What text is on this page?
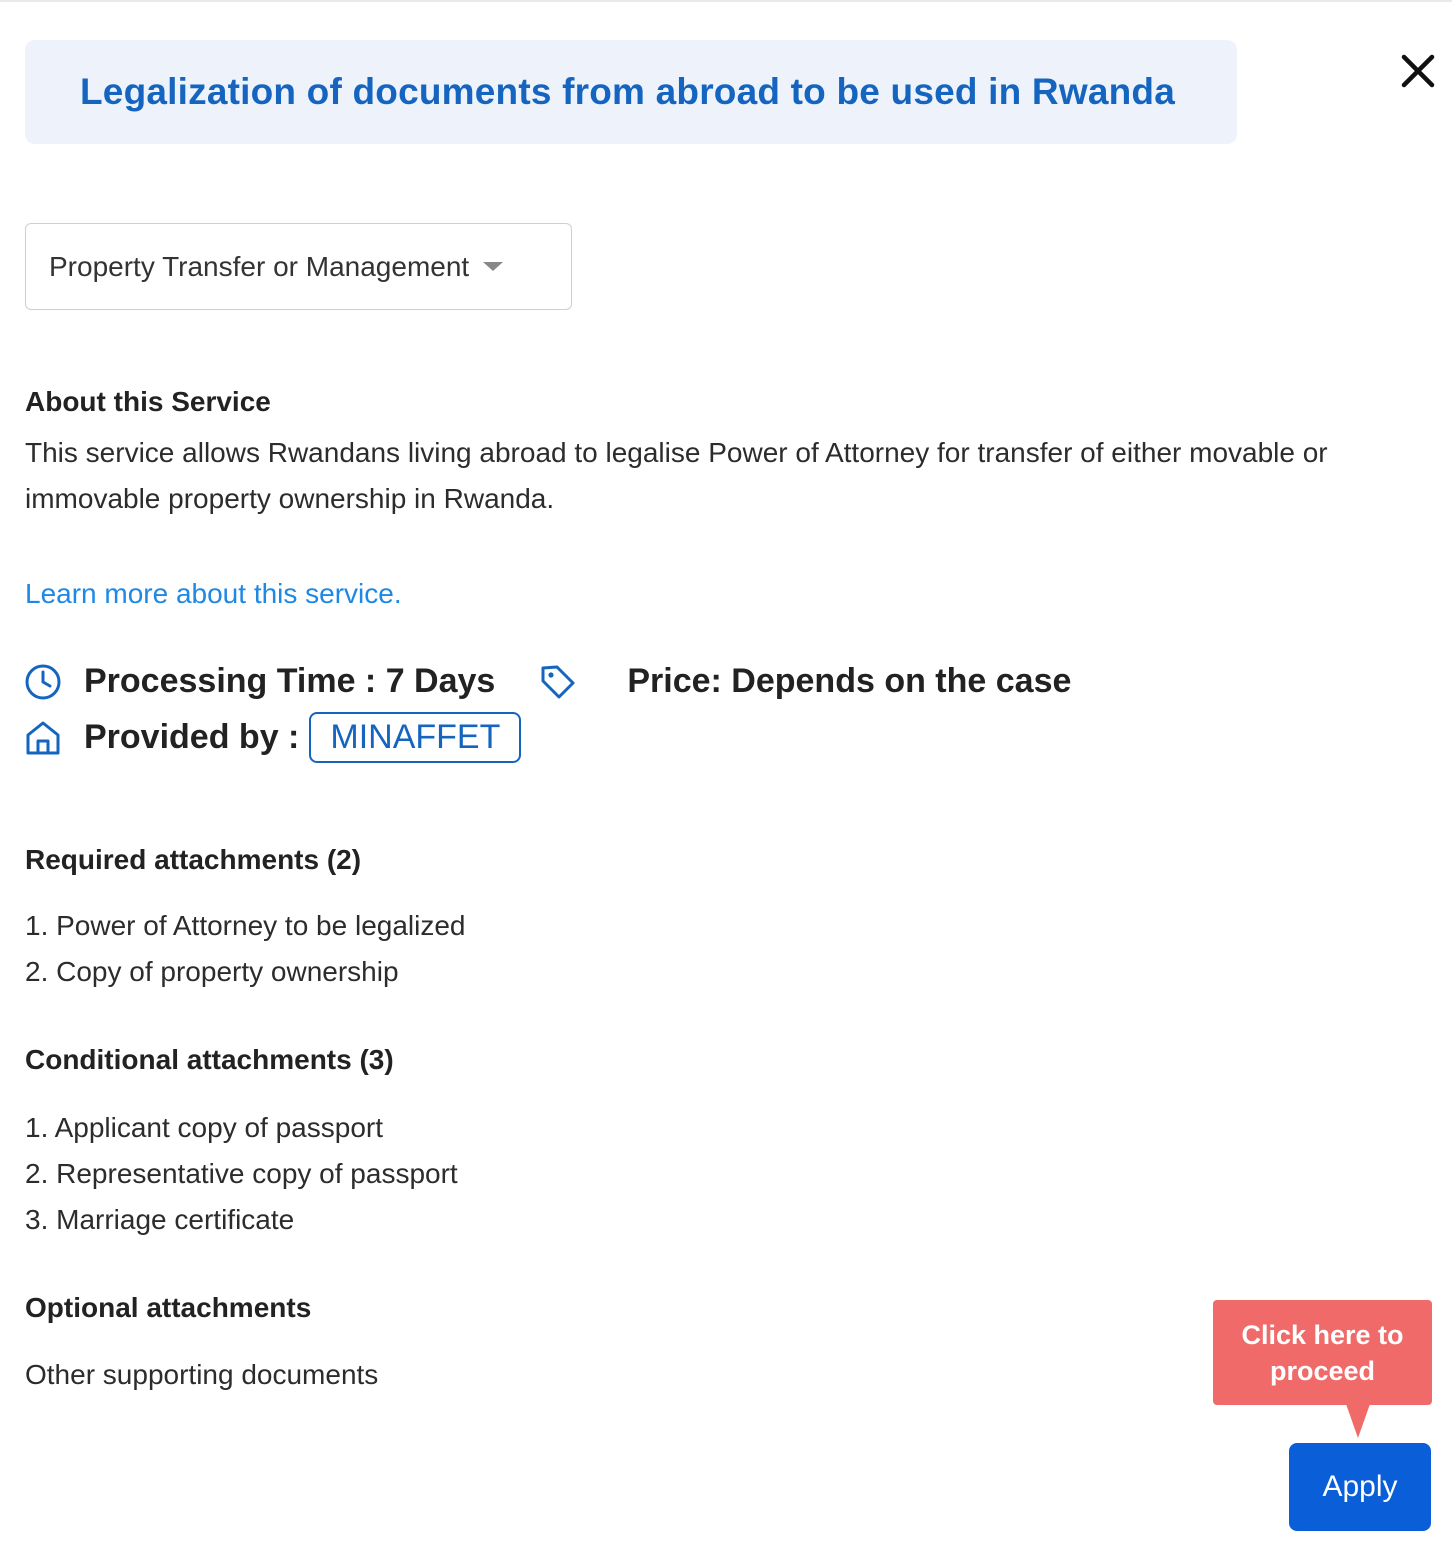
Legalization of documents from abroad to be used in Rwanda
Property Transfer or Management
About this Service

This service allows Rwandans living abroad to legalise Power of Attorney for transfer of either movable or immovable property ownership in Rwanda.

Learn more about this service.
Processing Time : 7 Days	Price: Depends on the case
Provided by : MINAFFET
Required attachments (2)
1. Power of Attorney to be legalized
2. Copy of property ownership
Conditional attachments (3)
1. Applicant copy of passport
2. Representative copy of passport
3. Marriage certificate
Optional attachments
Other supporting documents
Click here to
proceed
Apply
